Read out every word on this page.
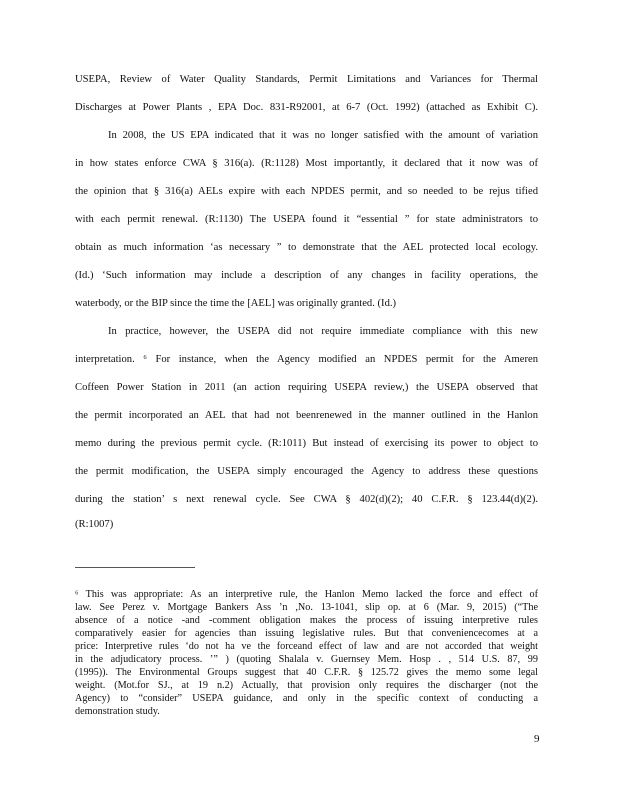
USEPA, Review of Water Quality Standards, Permit Limitations and Variances for Thermal
Discharges at Power Plants , EPA Doc. 831-R92001, at 6-7 (Oct. 1992) (attached as Exhibit C).
In 2008, the US EPA indicated that it was no longer satisfied with the amount of variation
in how states enforce CWA § 316(a). (R:1128) Most importantly, it declared that it now was of
the opinion that § 316(a) AELs expire with each NPDES permit, and so needed to be rejus tified
with each permit renewal. (R:1130) The USEPA found it “essential ” for state administrators to
obtain as much information ‘as necessary ” to demonstrate that the AEL protected local ecology.
(Id.) ‘Such information may include a description of any changes in facility operations, the
waterbody, or the BIP since the time the [AEL] was originally granted. (Id.)
In practice, however, the USEPA did not require immediate compliance with this new
interpretation. ⁶ For instance, when the Agency modified an NPDES permit for the Ameren
Coffeen Power Station in 2011 (an action requiring USEPA review,) the USEPA observed that
the permit incorporated an AEL that had not beenrenewed in the manner outlined in the Hanlon
memo during the previous permit cycle. (R:1011) But instead of exercising its power to object to
the permit modification, the USEPA simply encouraged the Agency to address these questions
during the station’ s next renewal cycle. See CWA § 402(d)(2); 40 C.F.R. § 123.44(d)(2).
(R:1007)
⁶ This was appropriate: As an interpretive rule, the Hanlon Memo lacked the force and effect of
law. See Perez v. Mortgage Bankers Ass ’n ,No. 13-1041, slip op. at 6 (Mar. 9, 2015) (“The
absence of a notice -and -comment obligation makes the process of issuing interpretive rules
comparatively easier for agencies than issuing legislative rules. But that conveniencecomes at a
price: Interpretive rules ‘do not ha ve the forceand effect of law and are not accorded that weight
in the adjudicatory process. ’” ) (quoting Shalala v. Guernsey Mem. Hosp . , 514 U.S. 87, 99
(1995)). The Environmental Groups suggest that 40 C.F.R. § 125.72 gives the memo some legal
weight. (Mot.for SJ., at 19 n.2) Actually, that provision only requires the discharger (not the
Agency) to “consider” USEPA guidance, and only in the specific context of conducting a
demonstration study.
9
